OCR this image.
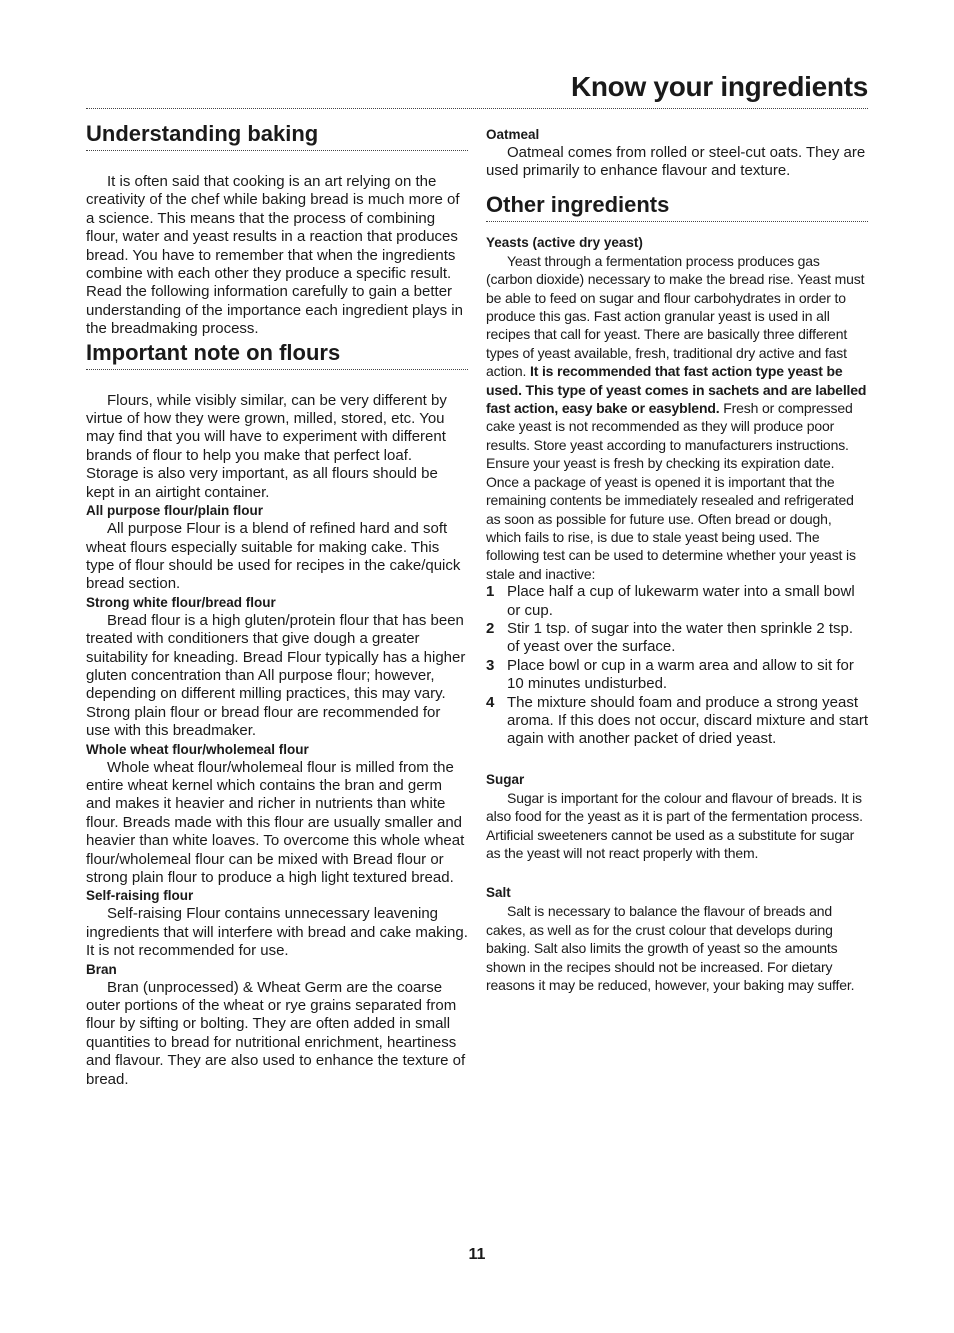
Know your ingredients
Understanding baking

It is often said that cooking is an art relying on the creativity of the chef while baking bread is much more of a science. This means that the process of combining flour, water and yeast results in a reaction that produces bread. You have to remember that when the ingredients combine with each other they produce a specific result. Read the following information carefully to gain a better understanding of the importance each ingredient plays in the breadmaking process.

Important note on flours

Flours, while visibly similar, can be very different by virtue of how they were grown, milled, stored, etc. You may find that you will have to experiment with different brands of flour to help you make that perfect loaf. Storage is also very important, as all flours should be kept in an airtight container.

All purpose flour/plain flour

All purpose Flour is a blend of refined hard and soft wheat flours especially suitable for making cake. This type of flour should be used for recipes in the cake/quick bread section.

Strong white flour/bread flour

Bread flour is a high gluten/protein flour that has been treated with conditioners that give dough a greater suitability for kneading. Bread Flour typically has a higher gluten concentration than All purpose flour; however, depending on different milling practices, this may vary. Strong plain flour or bread flour are recommended for use with this breadmaker.

Whole wheat flour/wholemeal flour

Whole wheat flour/wholemeal flour is milled from the entire wheat kernel which contains the bran and germ and makes it heavier and richer in nutrients than white flour. Breads made with this flour are usually smaller and heavier than white loaves. To overcome this whole wheat flour/wholemeal flour can be mixed with Bread flour or strong plain flour to produce a high light textured bread.

Self-raising flour

Self-raising Flour contains unnecessary leavening ingredients that will interfere with bread and cake making. It is not recommended for use.

Bran

Bran (unprocessed) & Wheat Germ are the coarse outer portions of the wheat or rye grains separated from flour by sifting or bolting. They are often added in small quantities to bread for nutritional enrichment, heartiness and flavour. They are also used to enhance the texture of bread.

Oatmeal

Oatmeal comes from rolled or steel-cut oats. They are used primarily to enhance flavour and texture.

Other ingredients
Yeasts (active dry yeast)

Yeast through a fermentation process produces gas (carbon dioxide) necessary to make the bread rise. Yeast must be able to feed on sugar and flour carbohydrates in order to produce this gas. Fast action granular yeast is used in all recipes that call for yeast. There are basically three different types of yeast available, fresh, traditional dry active and fast action. It is recommended that fast action type yeast be used. This type of yeast comes in sachets and are labelled fast action, easy bake or easyblend. Fresh or compressed cake yeast is not recommended as they will produce poor results. Store yeast according to manufacturers instructions. Ensure your yeast is fresh by checking its expiration date. Once a package of yeast is opened it is important that the remaining contents be immediately resealed and refrigerated as soon as possible for future use. Often bread or dough, which fails to rise, is due to stale yeast being used. The following test can be used to determine whether your yeast is stale and inactive:

1 Place half a cup of lukewarm water into a small bowl or cup.
2 Stir 1 tsp. of sugar into the water then sprinkle 2 tsp. of yeast over the surface.
3 Place bowl or cup in a warm area and allow to sit for 10 minutes undisturbed.
4 The mixture should foam and produce a strong yeast aroma. If this does not occur, discard mixture and start again with another packet of dried yeast.
Sugar

Sugar is important for the colour and flavour of breads. It is also food for the yeast as it is part of the fermentation process. Artificial sweeteners cannot be used as a substitute for sugar as the yeast will not react properly with them.

Salt

Salt is necessary to balance the flavour of breads and cakes, as well as for the crust colour that develops during baking. Salt also limits the growth of yeast so the amounts shown in the recipes should not be increased. For dietary reasons it may be reduced, however, your baking may suffer.

11
